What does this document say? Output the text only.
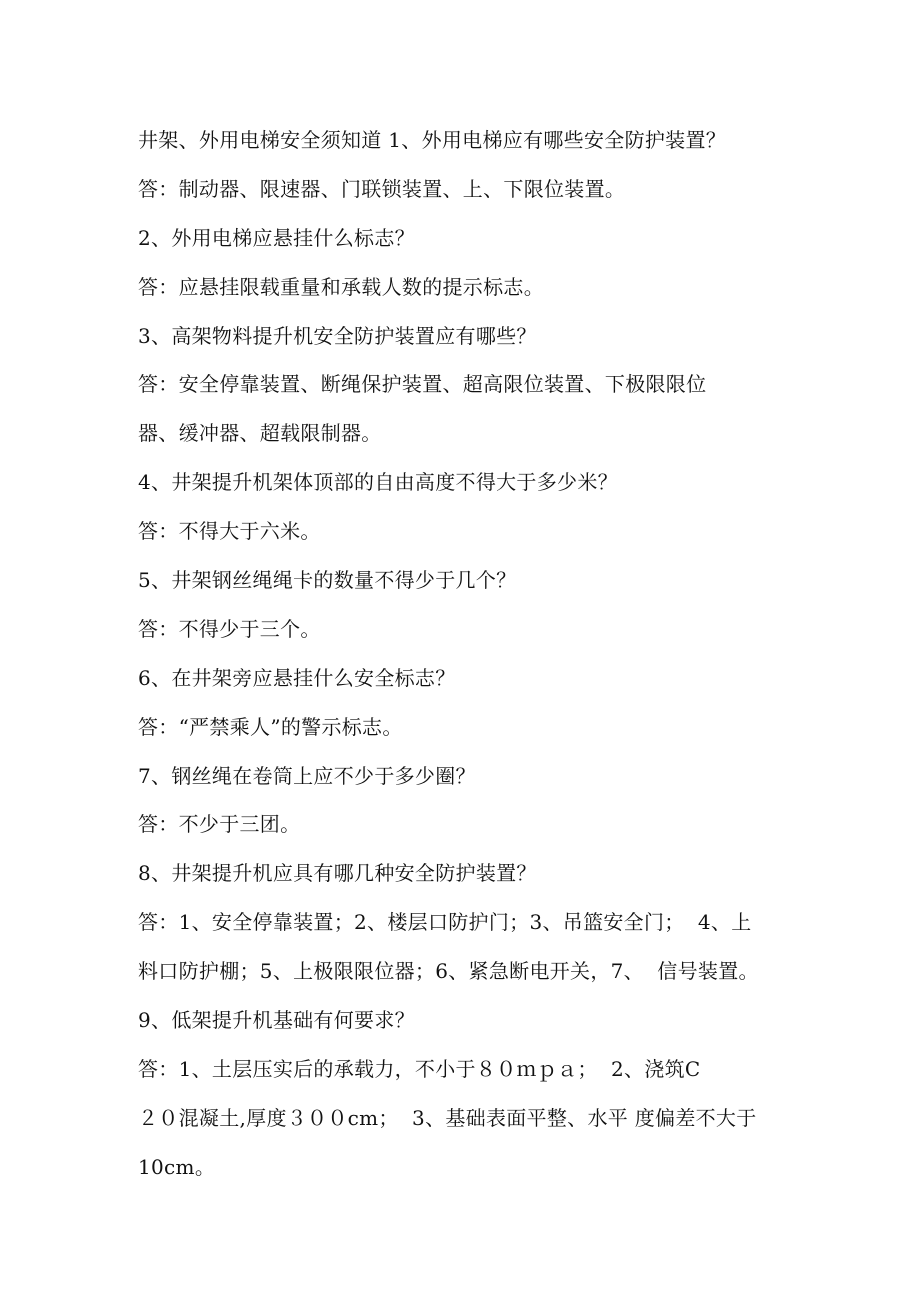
井架、外用电梯安全须知道 1、外用电梯应有哪些安全防护装置？
答：制动器、限速器、门联锁装置、上、下限位装置。
2、外用电梯应悬挂什么标志？
答：应悬挂限载重量和承载人数的提示标志。
3、高架物料提升机安全防护装置应有哪些？
答：安全停靠装置、断绳保护装置、超高限位装置、下极限限位
器、缓冲器、超载限制器。
4、井架提升机架体顶部的自由高度不得大于多少米？
答：不得大于六米。
5、井架钢丝绳绳卡的数量不得少于几个？
答：不得少于三个。
6、在井架旁应悬挂什么安全标志？
答：“严禁乘人”的警示标志。
7、钢丝绳在卷筒上应不少于多少圈？
答：不少于三团。
8、井架提升机应具有哪几种安全防护装置？
答：1、安全停靠装置；2、楼层口防护门；3、吊篮安全门；  4、上
料口防护棚；5、上极限限位器；6、紧急断电开关，7、  信号装置。
9、低架提升机基础有何要求？
答：1、土层压实后的承载力，不小于８０ｍｐａ；  2、浇筑C
２０混凝土,厚度３００cm；  3、基础表面平整、水平 度偏差不大于
10cm。
